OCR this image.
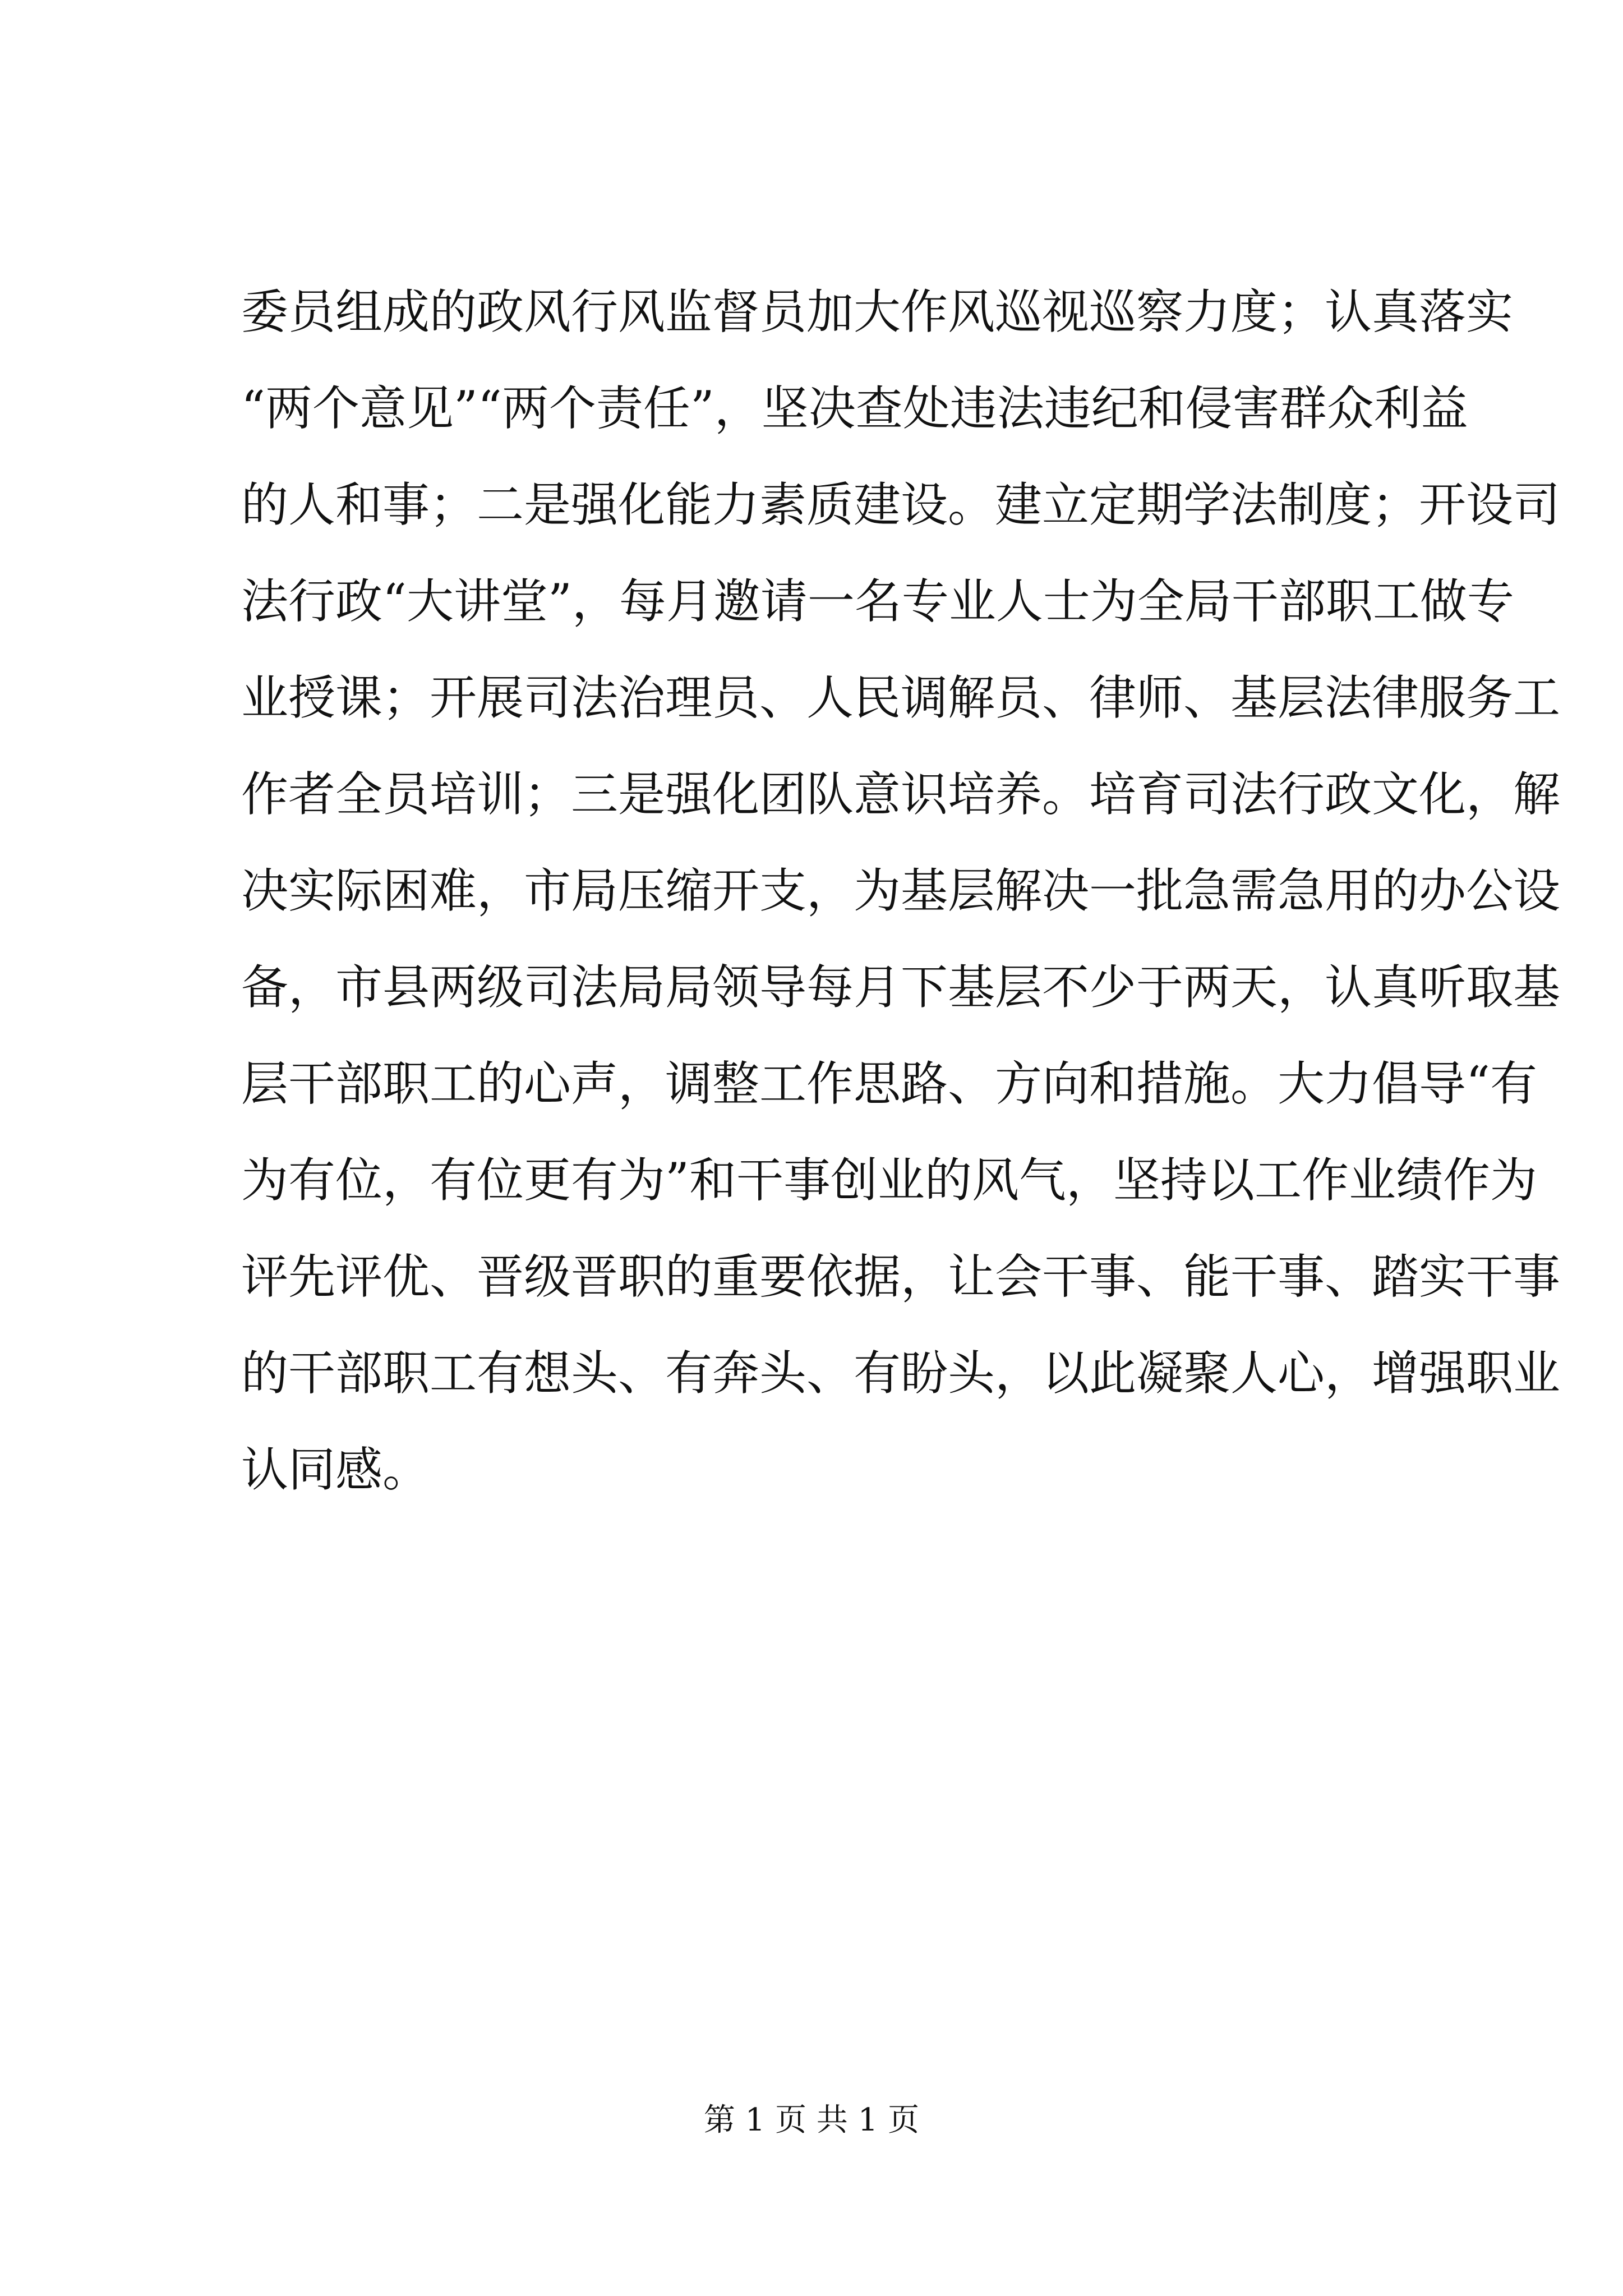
委员组成的政风行风监督员加大作风巡视巡察力度；认真落实
“两个意见”“两个责任”，坚决查处违法违纪和侵害群众利益
的人和事；二是强化能力素质建设。建立定期学法制度；开设司
法行政“大讲堂”，每月邀请一名专业人士为全局干部职工做专
业授课；开展司法治理员、人民调解员、律师、基层法律服务工
作者全员培训；三是强化团队意识培养。培育司法行政文化，解
决实际困难，市局压缩开支，为基层解决一批急需急用的办公设
备，市县两级司法局局领导每月下基层不少于两天，认真听取基
层干部职工的心声，调整工作思路、方向和措施。大力倡导“有
为有位，有位更有为”和干事创业的风气，坚持以工作业绩作为
评先评优、晋级晋职的重要依据，让会干事、能干事、踏实干事
的干部职工有想头、有奔头、有盼头，以此凝聚人心，增强职业
认同感。
第 1 页 共 1 页
